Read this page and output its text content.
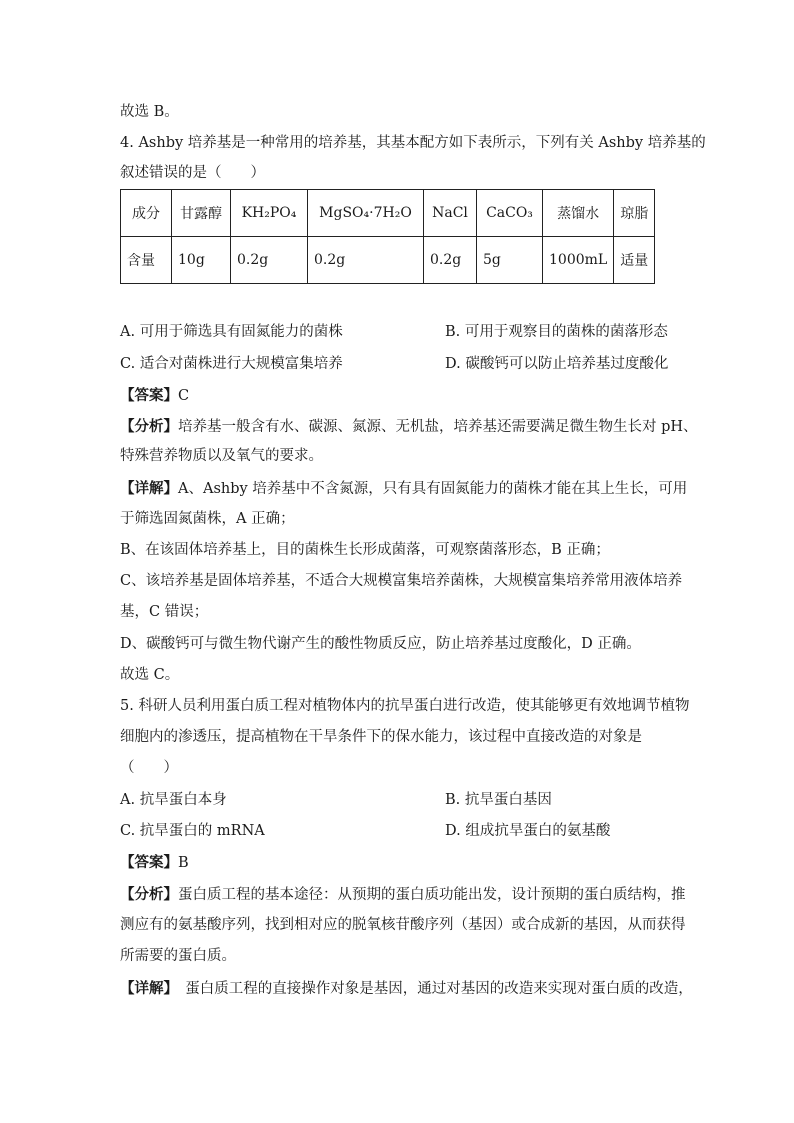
故选 B。
4. Ashby 培养基是一种常用的培养基，其基本配方如下表所示，下列有关 Ashby 培养基的
叙述错误的是（　　）
成分	甘露醇	KH₂PO₄	MgSO₄·7H₂O	NaCl	CaCO₃	蒸馏水	琼脂
含量	10g	0.2g	0.2g	0.2g	5g	1000mL	适量
A. 可用于筛选具有固氮能力的菌株	B. 可用于观察目的菌株的菌落形态
C. 适合对菌株进行大规模富集培养	D. 碳酸钙可以防止培养基过度酸化
【答案】C
【分析】培养基一般含有水、碳源、氮源、无机盐，培养基还需要满足微生物生长对 pH、
特殊营养物质以及氧气的要求。
【详解】A、Ashby 培养基中不含氮源，只有具有固氮能力的菌株才能在其上生长，可用
于筛选固氮菌株，A 正确；
B、在该固体培养基上，目的菌株生长形成菌落，可观察菌落形态，B 正确；
C、该培养基是固体培养基，不适合大规模富集培养菌株，大规模富集培养常用液体培养
基，C 错误；
D、碳酸钙可与微生物代谢产生的酸性物质反应，防止培养基过度酸化，D 正确。
故选 C。
5. 科研人员利用蛋白质工程对植物体内的抗旱蛋白进行改造，使其能够更有效地调节植物
细胞内的渗透压，提高植物在干旱条件下的保水能力，该过程中直接改造的对象是
（　　）
A. 抗旱蛋白本身	B. 抗旱蛋白基因
C. 抗旱蛋白的 mRNA	D. 组成抗旱蛋白的氨基酸
【答案】B
【分析】蛋白质工程的基本途径：从预期的蛋白质功能出发，设计预期的蛋白质结构，推
测应有的氨基酸序列，找到相对应的脱氧核苷酸序列（基因）或合成新的基因，从而获得
所需要的蛋白质。
【详解】　蛋白质工程的直接操作对象是基因，通过对基因的改造来实现对蛋白质的改造，
